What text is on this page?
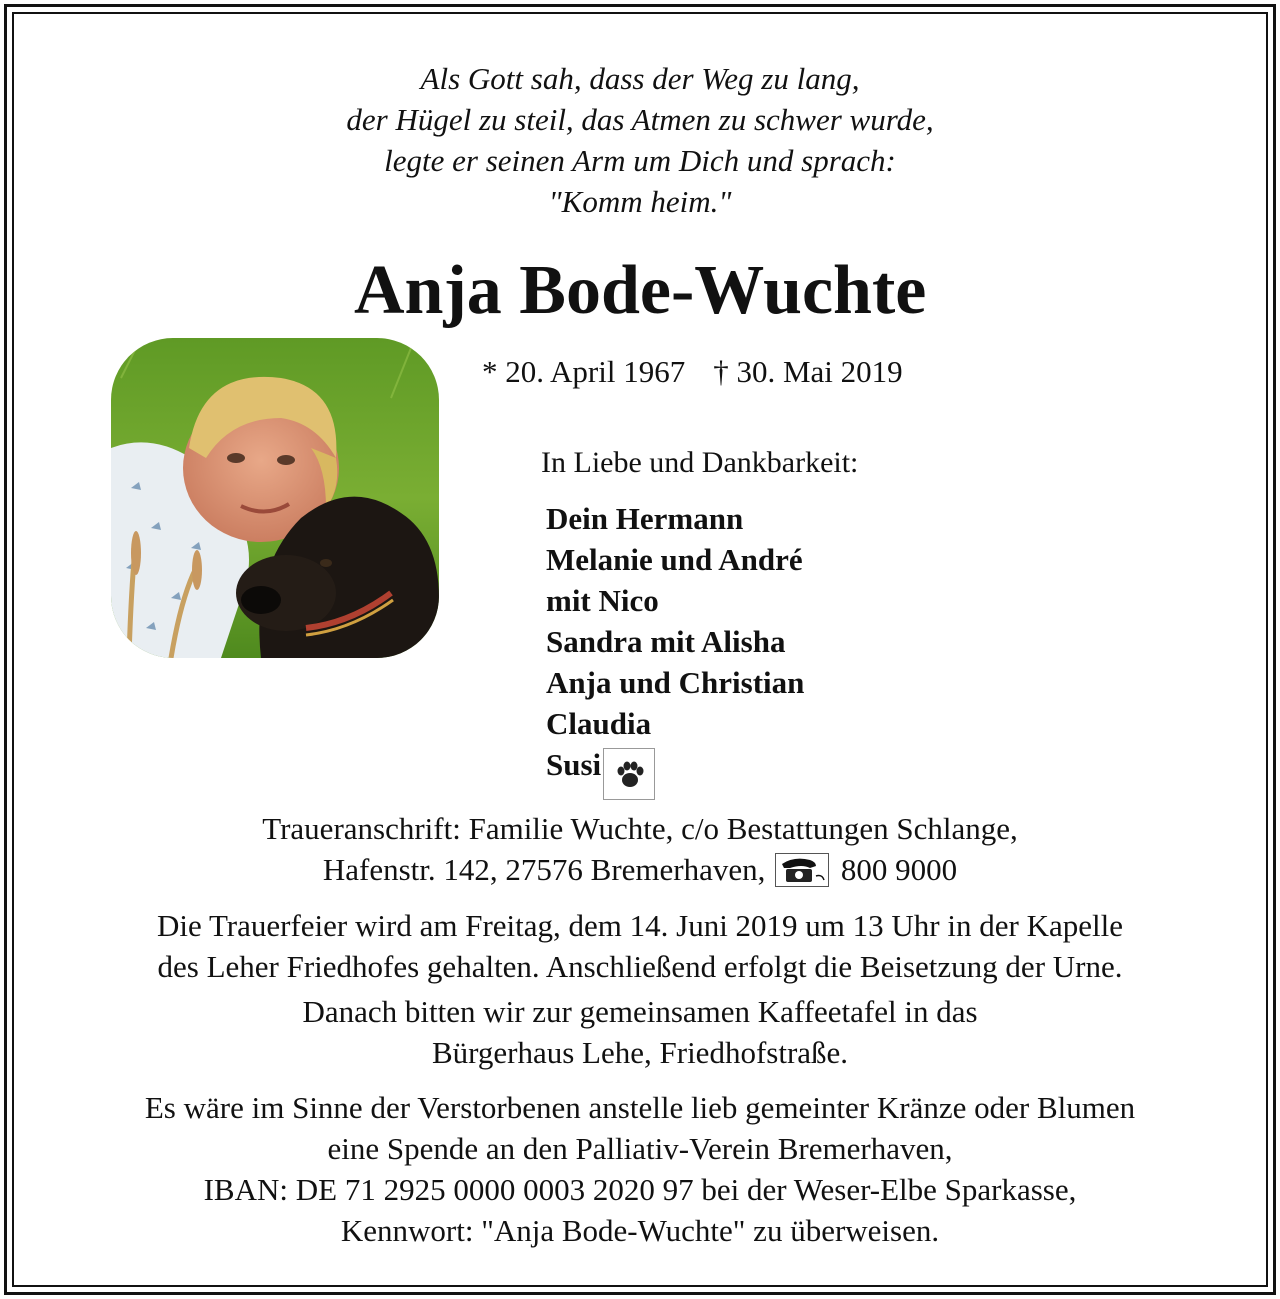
Als Gott sah, dass der Weg zu lang,
der Hügel zu steil, das Atmen zu schwer wurde,
legte er seinen Arm um Dich und sprach:
"Komm heim."
Anja Bode-Wuchte
* 20. April 1967 † 30. Mai 2019
In Liebe und Dankbarkeit:
Dein Hermann
Melanie und André
mit Nico
Sandra mit Alisha
Anja und Christian
Claudia
Susi
Traueranschrift: Familie Wuchte, c/o Bestattungen Schlange,
Hafenstr. 142, 27576 Bremerhaven, 800 9000
Die Trauerfeier wird am Freitag, dem 14. Juni 2019 um 13 Uhr in der Kapelle
des Leher Friedhofes gehalten. Anschließend erfolgt die Beisetzung der Urne.
Danach bitten wir zur gemeinsamen Kaffeetafel in das
Bürgerhaus Lehe, Friedhofstraße.
Es wäre im Sinne der Verstorbenen anstelle lieb gemeinter Kränze oder Blumen
eine Spende an den Palliativ-Verein Bremerhaven,
IBAN: DE 71 2925 0000 0003 2020 97 bei der Weser-Elbe Sparkasse,
Kennwort: "Anja Bode-Wuchte" zu überweisen.
